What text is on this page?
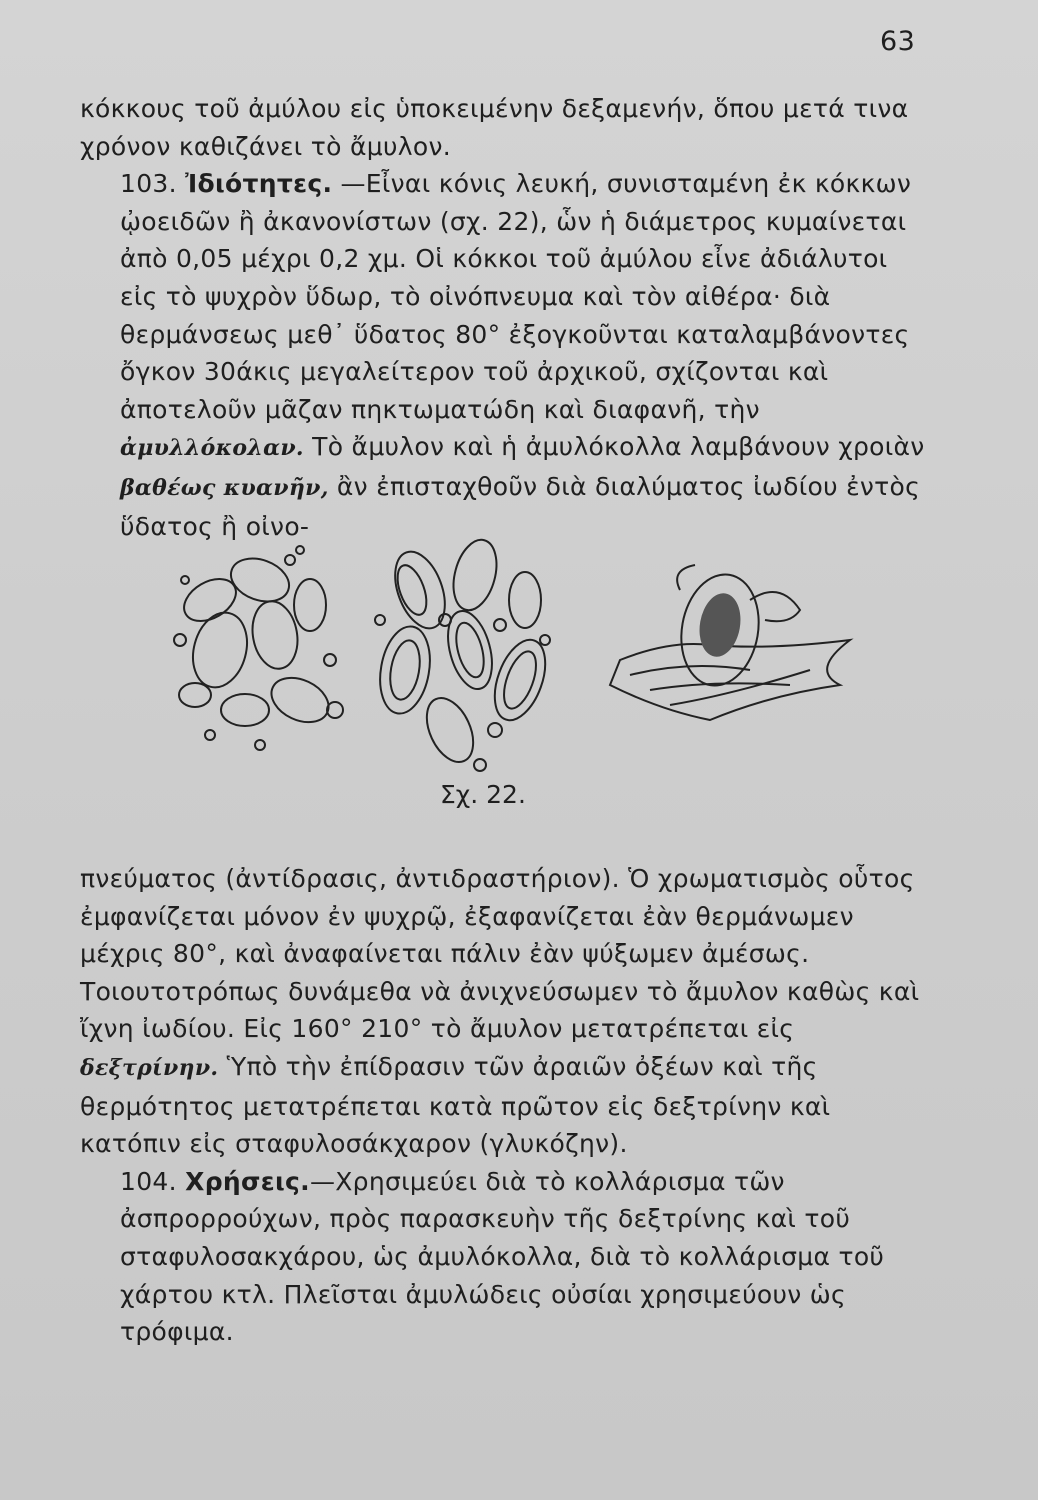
63

κόκκους τοῦ ἀμύλου εἰς ὑποκειμένην δεξαμενήν, ὅπου μετά τινα χρόνον καθιζάνει τὸ ἄμυλον.

103. Ἰδιότητες. —Εἶναι κόνις λευκή, συνισταμένη ἐκ κόκκων ᾠοειδῶν ἢ ἀκανονίστων (σχ. 22), ὧν ἡ διάμετρος κυμαίνεται ἀπὸ 0,05 μέχρι 0,2 χμ. Οἱ κόκκοι τοῦ ἀμύλου εἶνε ἀδιάλυτοι εἰς τὸ ψυχρὸν ὕδωρ, τὸ οἰνόπνευμα καὶ τὸν αἰθέρα· διὰ θερμάνσεως μεθ᾽ ὕδατος 80° ἐξογκοῦνται καταλαμβάνοντες ὄγκον 30άκις μεγαλείτερον τοῦ ἀρχικοῦ, σχίζονται καὶ ἀποτελοῦν μᾶζαν πηκτωματώδη καὶ διαφανῆ, τὴν ἀμυλλόκολαν. Τὸ ἄμυλον καὶ ἡ ἀμυλόκολλα λαμβάνουν χροιὰν βαθέως κυανῆν, ἂν ἐπισταχθοῦν διὰ διαλύματος ἰωδίου ἐντὸς ὕδατος ἢ οἰνο-

Σχ. 22.

πνεύματος (ἀντίδρασις, ἀντιδραστήριον). Ὁ χρωματισμὸς οὗτος ἐμφανίζεται μόνον ἐν ψυχρῷ, ἐξαφανίζεται ἐὰν θερμάνωμεν μέχρις 80°, καὶ ἀναφαίνεται πάλιν ἐὰν ψύξωμεν ἀμέσως. Τοιουτοτρόπως δυνάμεθα νὰ ἀνιχνεύσωμεν τὸ ἄμυλον καθὼς καὶ ἴχνη ἰωδίου. Εἰς 160° 210° τὸ ἄμυλον μετατρέπεται εἰς δεξτρίνην. Ὑπὸ τὴν ἐπίδρασιν τῶν ἀραιῶν ὀξέων καὶ τῆς θερμότητος μετατρέπεται κατὰ πρῶτον εἰς δεξτρίνην καὶ κατόπιν εἰς σταφυλοσάκχαρον (γλυκόζην).

104. Χρήσεις.—Χρησιμεύει διὰ τὸ κολλάρισμα τῶν ἀσπρορρούχων, πρὸς παρασκευὴν τῆς δεξτρίνης καὶ τοῦ σταφυλοσακχάρου, ὡς ἀμυλόκολλα, διὰ τὸ κολλάρισμα τοῦ χάρτου κτλ. Πλεῖσται ἀμυλώδεις οὐσίαι χρησιμεύουν ὡς τρόφιμα.
